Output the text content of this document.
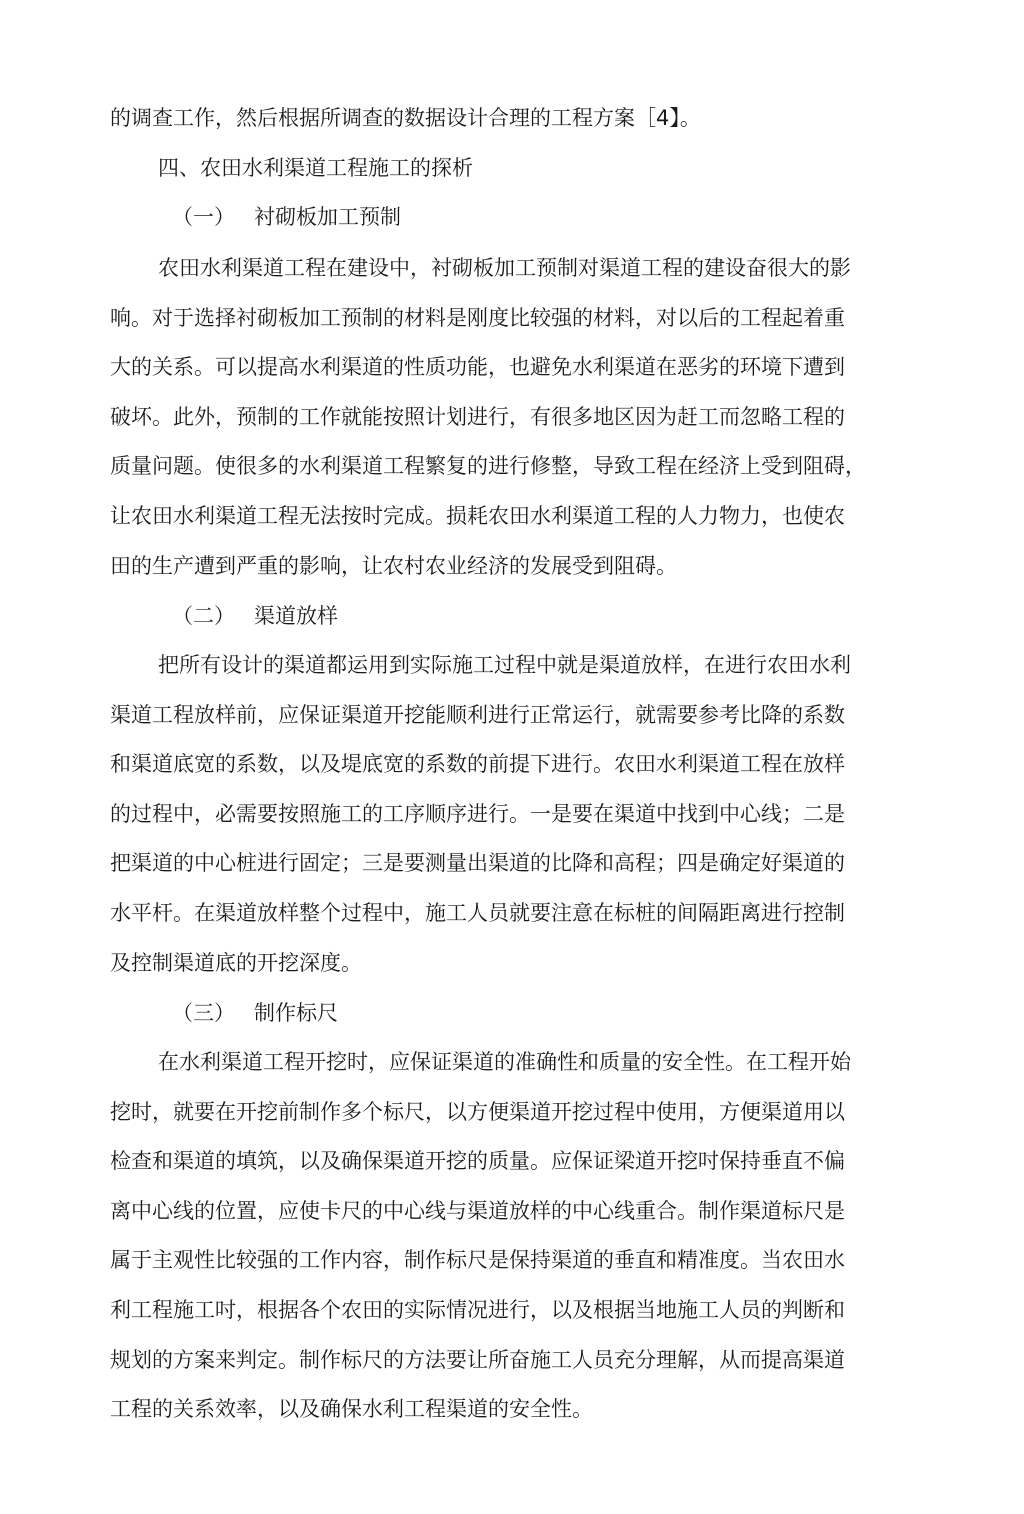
的调查工作，然后根据所调查的数据设计合理的工程方案［4】。
四、农田水利渠道工程施工的探析
（一） 衬砌板加工预制
农田水利渠道工程在建设中，衬砌板加工预制对渠道工程的建设奋很大的影
响。对于选择衬砌板加工预制的材料是刚度比较强的材料，对以后的工程起着重
大的关系。可以提高水利渠道的性质功能，也避免水利渠道在恶劣的环境下遭到
破坏。此外，预制的工作就能按照计划进行，有很多地区因为赶工而忽略工程的
质量问题。使很多的水利渠道工程繁复的进行修整，导致工程在经济上受到阻碍，
让农田水利渠道工程无法按时完成。损耗农田水利渠道工程的人力物力，也使农
田的生产遭到严重的影响，让农村农业经济的发展受到阻碍。
（二） 渠道放样
把所有设计的渠道都运用到实际施工过程中就是渠道放样，在进行农田水利
渠道工程放样前，应保证渠道开挖能顺利进行正常运行，就需要参考比降的系数
和渠道底宽的系数，以及堤底宽的系数的前提下进行。农田水利渠道工程在放样
的过程中，必需要按照施工的工序顺序进行。一是要在渠道中找到中心线；二是
把渠道的中心桩进行固定；三是要测量出渠道的比降和高程；四是确定好渠道的
水平杆。在渠道放样整个过程中，施工人员就要注意在标桩的间隔距离进行控制
及控制渠道底的开挖深度。
（三） 制作标尺
在水利渠道工程开挖时，应保证渠道的准确性和质量的安全性。在工程开始
挖时，就要在开挖前制作多个标尺，以方便渠道开挖过程中使用，方便渠道用以
检查和渠道的填筑，以及确保渠道开挖的质量。应保证梁道开挖吋保持垂直不偏
离中心线的位置，应使卡尺的中心线与渠道放样的中心线重合。制作渠道标尺是
属于主观性比较强的工作内容，制作标尺是保持渠道的垂直和精准度。当农田水
利工程施工吋，根据各个农田的实际情况进行，以及根据当地施工人员的判断和
规划的方案来判定。制作标尺的方法要让所奋施工人员充分理解，从而提高渠道
工程的关系效率，以及确保水利工程渠道的安全性。
